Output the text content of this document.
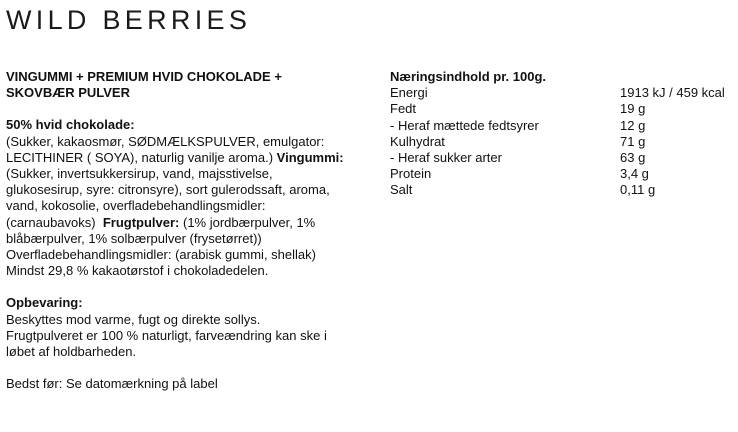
WILD BERRIES
VINGUMMI + PREMIUM HVID CHOKOLADE +
SKOVBÆR PULVER
50% hvid chokolade:
(Sukker, kakaosmør, SØDMÆLKSPULVER, emulgator:
LECITHINER ( SOYA), naturlig vanilje aroma.) Vingummi:
(Sukker, invertsukkersirup, vand, majsstivelse,
glukosesirup, syre: citronsyre), sort gulerodssaft, aroma,
vand, kokosolie, overfladebehandlingsmidler:
(carnaubavoks)  Frugtpulver: (1% jordbærpulver, 1%
blåbærpulver, 1% solbærpulver (frysetørret))
Overfladebehandlingsmidler: (arabisk gummi, shellak)
Mindst 29,8 % kakaotørstof i chokoladedelen.
Opbevaring:
Beskyttes mod varme, fugt og direkte sollys.
Frugtpulveret er 100 % naturligt, farveændring kan ske i
løbet af holdbarheden.
Bedst før: Se datomærkning på label
Næringsindhold pr. 100g.
Energi	1913 kJ / 459 kcal
Fedt	19 g
- Heraf mættede fedtsyrer	12 g
Kulhydrat	71 g
- Heraf sukker arter	63 g
Protein	3,4 g
Salt	0,11 g
